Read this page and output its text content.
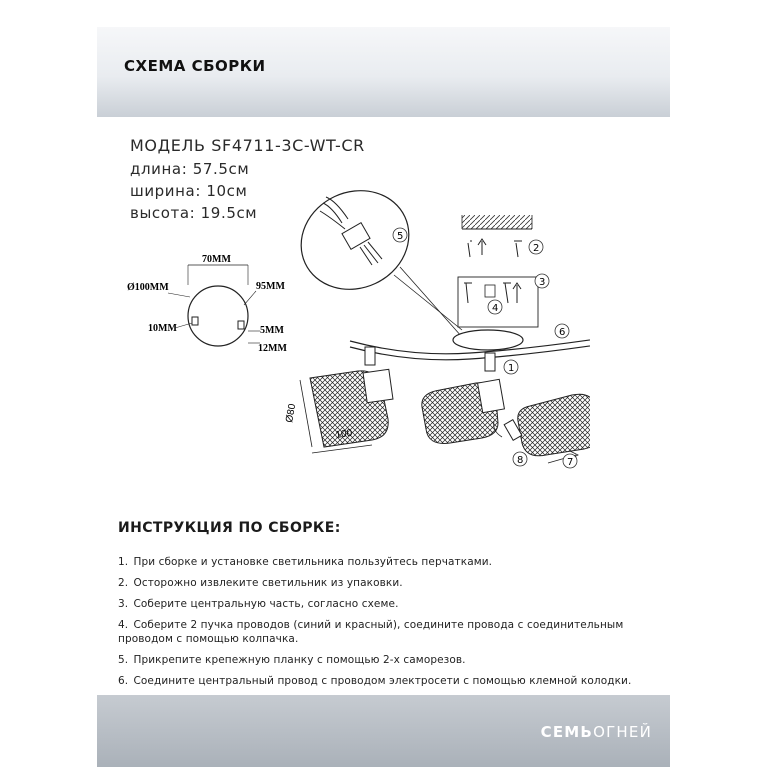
СХЕМА СБОРКИ
МОДЕЛЬ SF4711-3C-WT-CR
длина: 57.5см
ширина: 10см
высота: 19.5см
70MM
Ø100MM	95MM
10MM	5MM
12MM
100
Ø80
1
2
3
4
5
6
7
8
ИНСТРУКЦИЯ ПО СБОРКЕ:
1. При сборке и установке светильника пользуйтесь перчатками.
2. Осторожно извлеките светильник из упаковки.
3. Соберите центральную часть, согласно схеме.
4. Соберите 2 пучка проводов (синий и красный), соедините провода с соединительным
проводом с помощью колпачка.
5. Прикрепите крепежную планку с помощью 2-х саморезов.
6. Соедините центральный провод с проводом электросети с помощью клемной колодки.
СЕМЬОГНЕЙ
